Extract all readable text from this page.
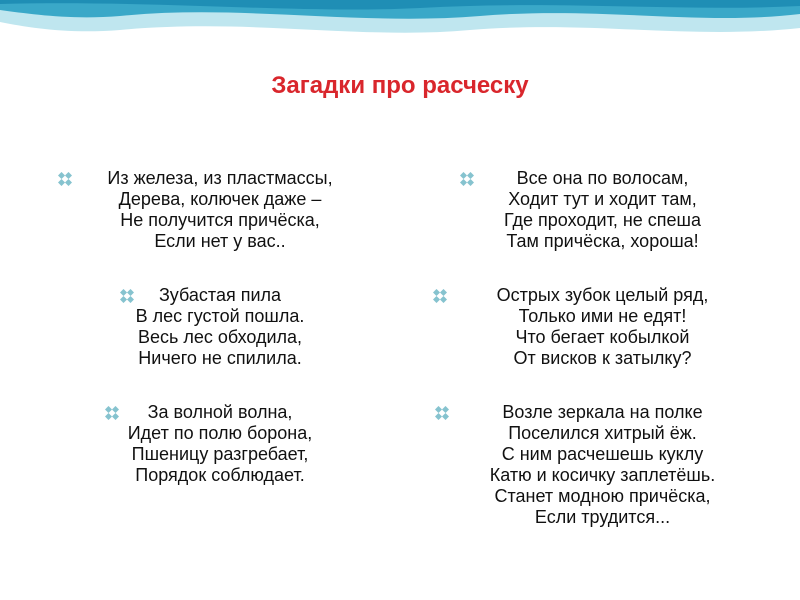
Загадки про расческу
Из железа, из пластмассы,
Дерева, колючек даже –
Не получится причёска,
Если нет у вас..
Зубастая пила
В лес густой пошла.
Весь лес обходила,
Ничего не спилила.
За волной волна,
Идет по полю борона,
Пшеницу разгребает,
Порядок соблюдает.
Все она по волосам,
Ходит тут и ходит там,
Где проходит, не спеша
Там причёска, хороша!
Острых зубок целый ряд,
Только ими не едят!
Что бегает кобылкой
От висков к затылку?
Возле зеркала на полке
Поселился хитрый ёж.
С ним расчешешь куклу
Катю и косичку заплетёшь.
Станет модною причёска,
Если трудится...
